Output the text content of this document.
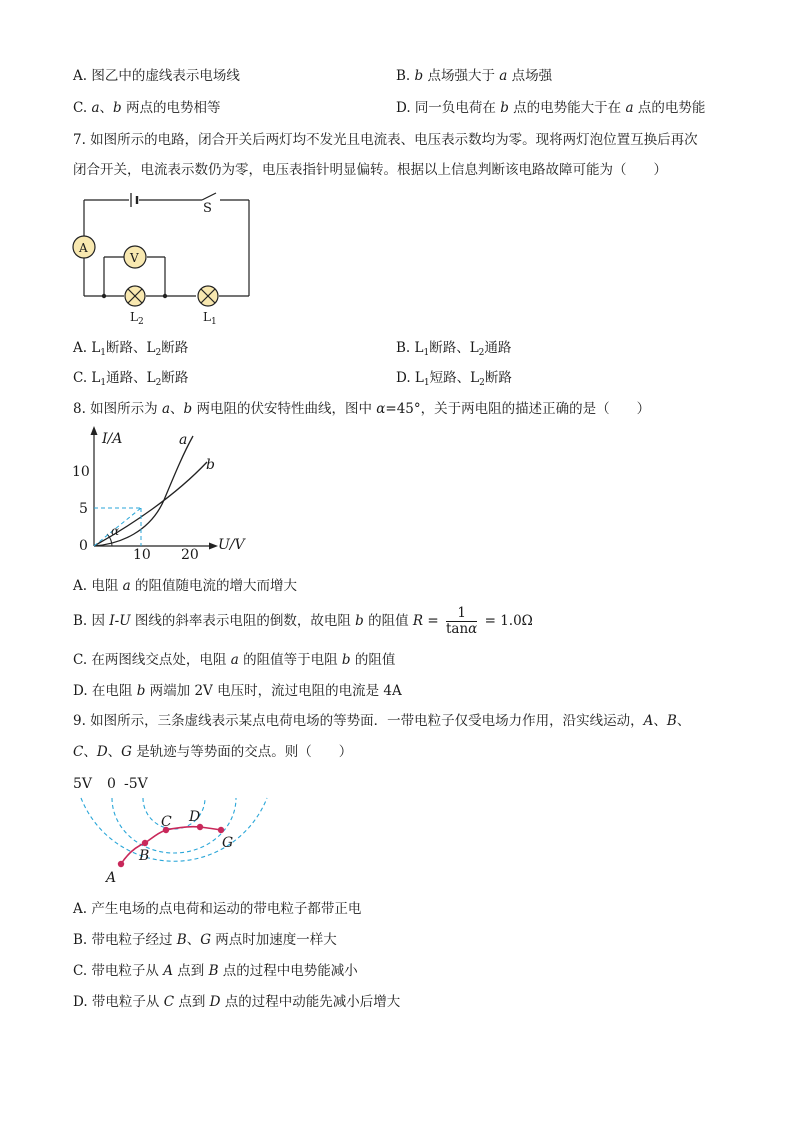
A. 图乙中的虚线表示电场线	B. b 点场强大于 a 点场强
C. a、b 两点的电势相等	D. 同一负电荷在 b 点的电势能大于在 a 点的电势能
7. 如图所示的电路，闭合开关后两灯均不发光且电流表、电压表示数均为零。现将两灯泡位置互换后再次
闭合开关，电流表示数仍为零，电压表指针明显偏转。根据以上信息判断该电路故障可能为（　　）
S
A
V
$L_2$	$L_1$
A. $L_1$断路、$L_2$断路	B. $L_1$断路、$L_2$通路
C. $L_1$通路、$L_2$断路	D. $L_1$短路、$L_2$断路
8. 如图所示为 a、b 两电阻的伏安特性曲线，图中 α=45°，关于两电阻的描述正确的是（　　）
I/A
U/V
a
b
α
10
5
0
10 20
A. 电阻 a 的阻值随电流的增大而增大
B. 因 I-U 图线的斜率表示电阻的倒数，故电阻 b 的阻值 $R = \frac{1}{\tan\alpha} = 1.0\Omega$
C. 在两图线交点处，电阻 a 的阻值等于电阻 b 的阻值
D. 在电阻 b 两端加 2V 电压时，流过电阻的电流是 4A
9. 如图所示，三条虚线表示某点电荷电场的等势面．一带电粒子仅受电场力作用，沿实线运动，A、B、
C、D、G 是轨迹与等势面的交点。则（　　）
5V 0 -5V
A
B
C D
G
A. 产生电场的点电荷和运动的带电粒子都带正电
B. 带电粒子经过 B、G 两点时加速度一样大
C. 带电粒子从 A 点到 B 点的过程中电势能减小
D. 带电粒子从 C 点到 D 点的过程中动能先减小后增大
